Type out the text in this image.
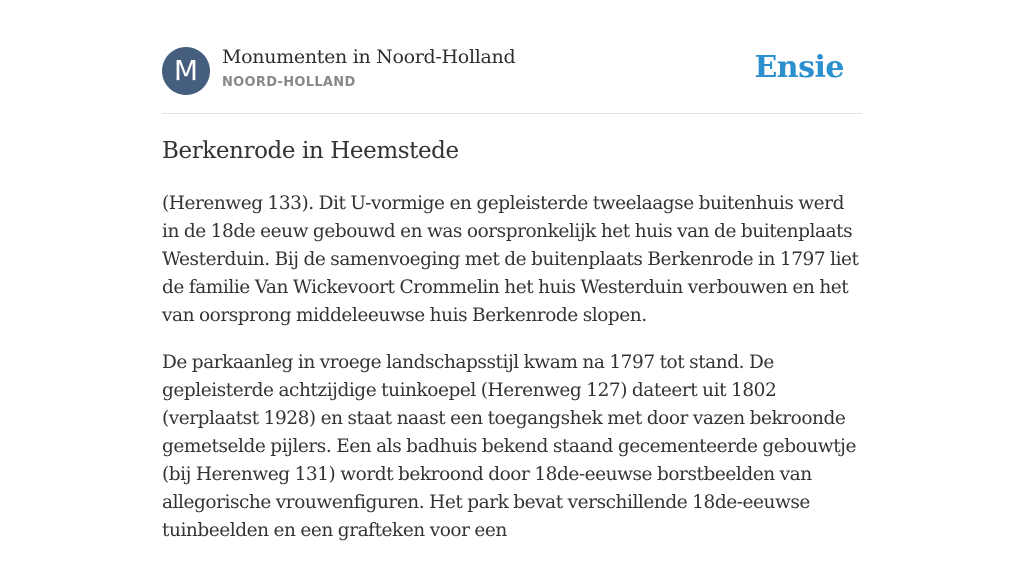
M	Monumenten in Noord-Holland
NOORD-HOLLAND	Ensie
Berkenrode in Heemstede

(Herenweg 133). Dit U-vormige en gepleisterde tweelaagse buitenhuis werd in de 18de eeuw gebouwd en was oorspronkelijk het huis van de buitenplaats Westerduin. Bij de samenvoeging met de buitenplaats Berkenrode in 1797 liet de familie Van Wickevoort Crommelin het huis Westerduin verbouwen en het van oorsprong middeleeuwse huis Berkenrode slopen.

De parkaanleg in vroege landschapsstijl kwam na 1797 tot stand. De gepleisterde achtzijdige tuinkoepel (Herenweg 127) dateert uit 1802 (verplaatst 1928) en staat naast een toegangshek met door vazen bekroonde gemetselde pijlers. Een als badhuis bekend staand gecementeerde gebouwtje (bij Herenweg 131) wordt bekroond door 18de-eeuwse borstbeelden van allegorische vrouwenfiguren. Het park bevat verschillende 18de-eeuwse tuinbeelden en een grafteken voor een
